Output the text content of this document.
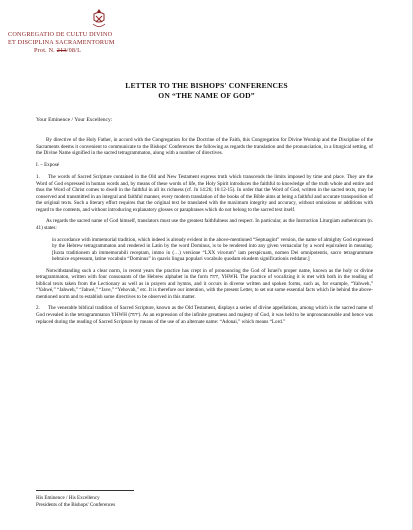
CONGREGATIO DE CULTU DIVINO
ET DISCIPLINA SACRAMENTORUM
Prot. N. 213/08/L
LETTER TO THE BISHOPS' CONFERENCES
ON “THE NAME OF GOD”
Your Eminence / Your Excellency:

By directive of the Holy Father, in accord with the Congregation for the Doctrine of the Faith, this Congregation for Divine Worship and the Discipline of the Sacraments deems it convenient to communicate to the Bishops' Conferences the following as regards the translation and the pronunciation, in a liturgical setting, of the Divine Name signified in the sacred tetragrammaton, along with a number of directives.

I. – Exposé

1. The words of Sacred Scripture contained in the Old and New Testament express truth which transcends the limits imposed by time and place. They are the Word of God expressed in human words and, by means of these words of life, the Holy Spirit introduces the faithful to knowledge of the truth whole and entire and thus the Word of Christ comes to dwell in the faithful in all its richness (cf. Jn 14:26; 16:12-15). In order that the Word of God, written in the sacred texts, may be conserved and transmitted in an integral and faithful manner, every modern translation of the books of the Bible aims at being a faithful and accurate transposition of the original texts. Such a literary effort requires that the original text be translated with the maximum integrity and accuracy, without omissions or additions with regard to the contents, and without introducing explanatory glosses or paraphrases which do not belong to the sacred text itself.

As regards the sacred name of God himself, translators must use the greatest faithfulness and respect. In particular, as the Instruction Liturgiam authenticam (n. 41) states:

in accordance with immemorial tradition, which indeed is already evident in the above-mentioned “Septuagint” version, the name of almighty God expressed by the Hebrew tetragrammaton and rendered in Latin by the word Dominus, is to be rendered into any given vernacular by a word equivalent in meaning. [Iuxta traditionem ab immemorabili receptam, immo in (…) versione “LXX virorum” iam perspicuam, nomen Dei omnipotentis, sacro tetragrammate hebraice expressum, latine vocabulo “Dominus” in quavis lingua populari vocabulo quodam eiusdem significationis reddatur.]

Notwithstanding such a clear norm, in recent years the practice has crept in of pronouncing the God of Israel's proper name, known as the holy or divine tetragrammaton, written with four consonants of the Hebrew alphabet in the form יהוה, YHWH. The practice of vocalizing it is met with both in the reading of biblical texts taken from the Lectionary as well as in prayers and hymns, and it occurs in diverse written and spoken forms, such as, for example, “Yahweh,” “Yahwé,” “Jahweh,” “Jahwé,” “Jave,” “Yehovah,” etc. It is therefore our intention, with the present Letter, to set out some essential facts which lie behind the above-mentioned norm and to establish some directives to be observed in this matter.

2. The venerable biblical tradition of Sacred Scripture, known as the Old Testament, displays a series of divine appellations, among which is the sacred name of God revealed in the tetragrammaton YHWH (יהוה). As an expression of the infinite greatness and majesty of God, it was held to be unpronounceable and hence was replaced during the reading of Sacred Scripture by means of the use of an alternate name: “Adonai,” which means “Lord.”

His Eminence / His Excellency
Presidents of the Bishops' Conferences
